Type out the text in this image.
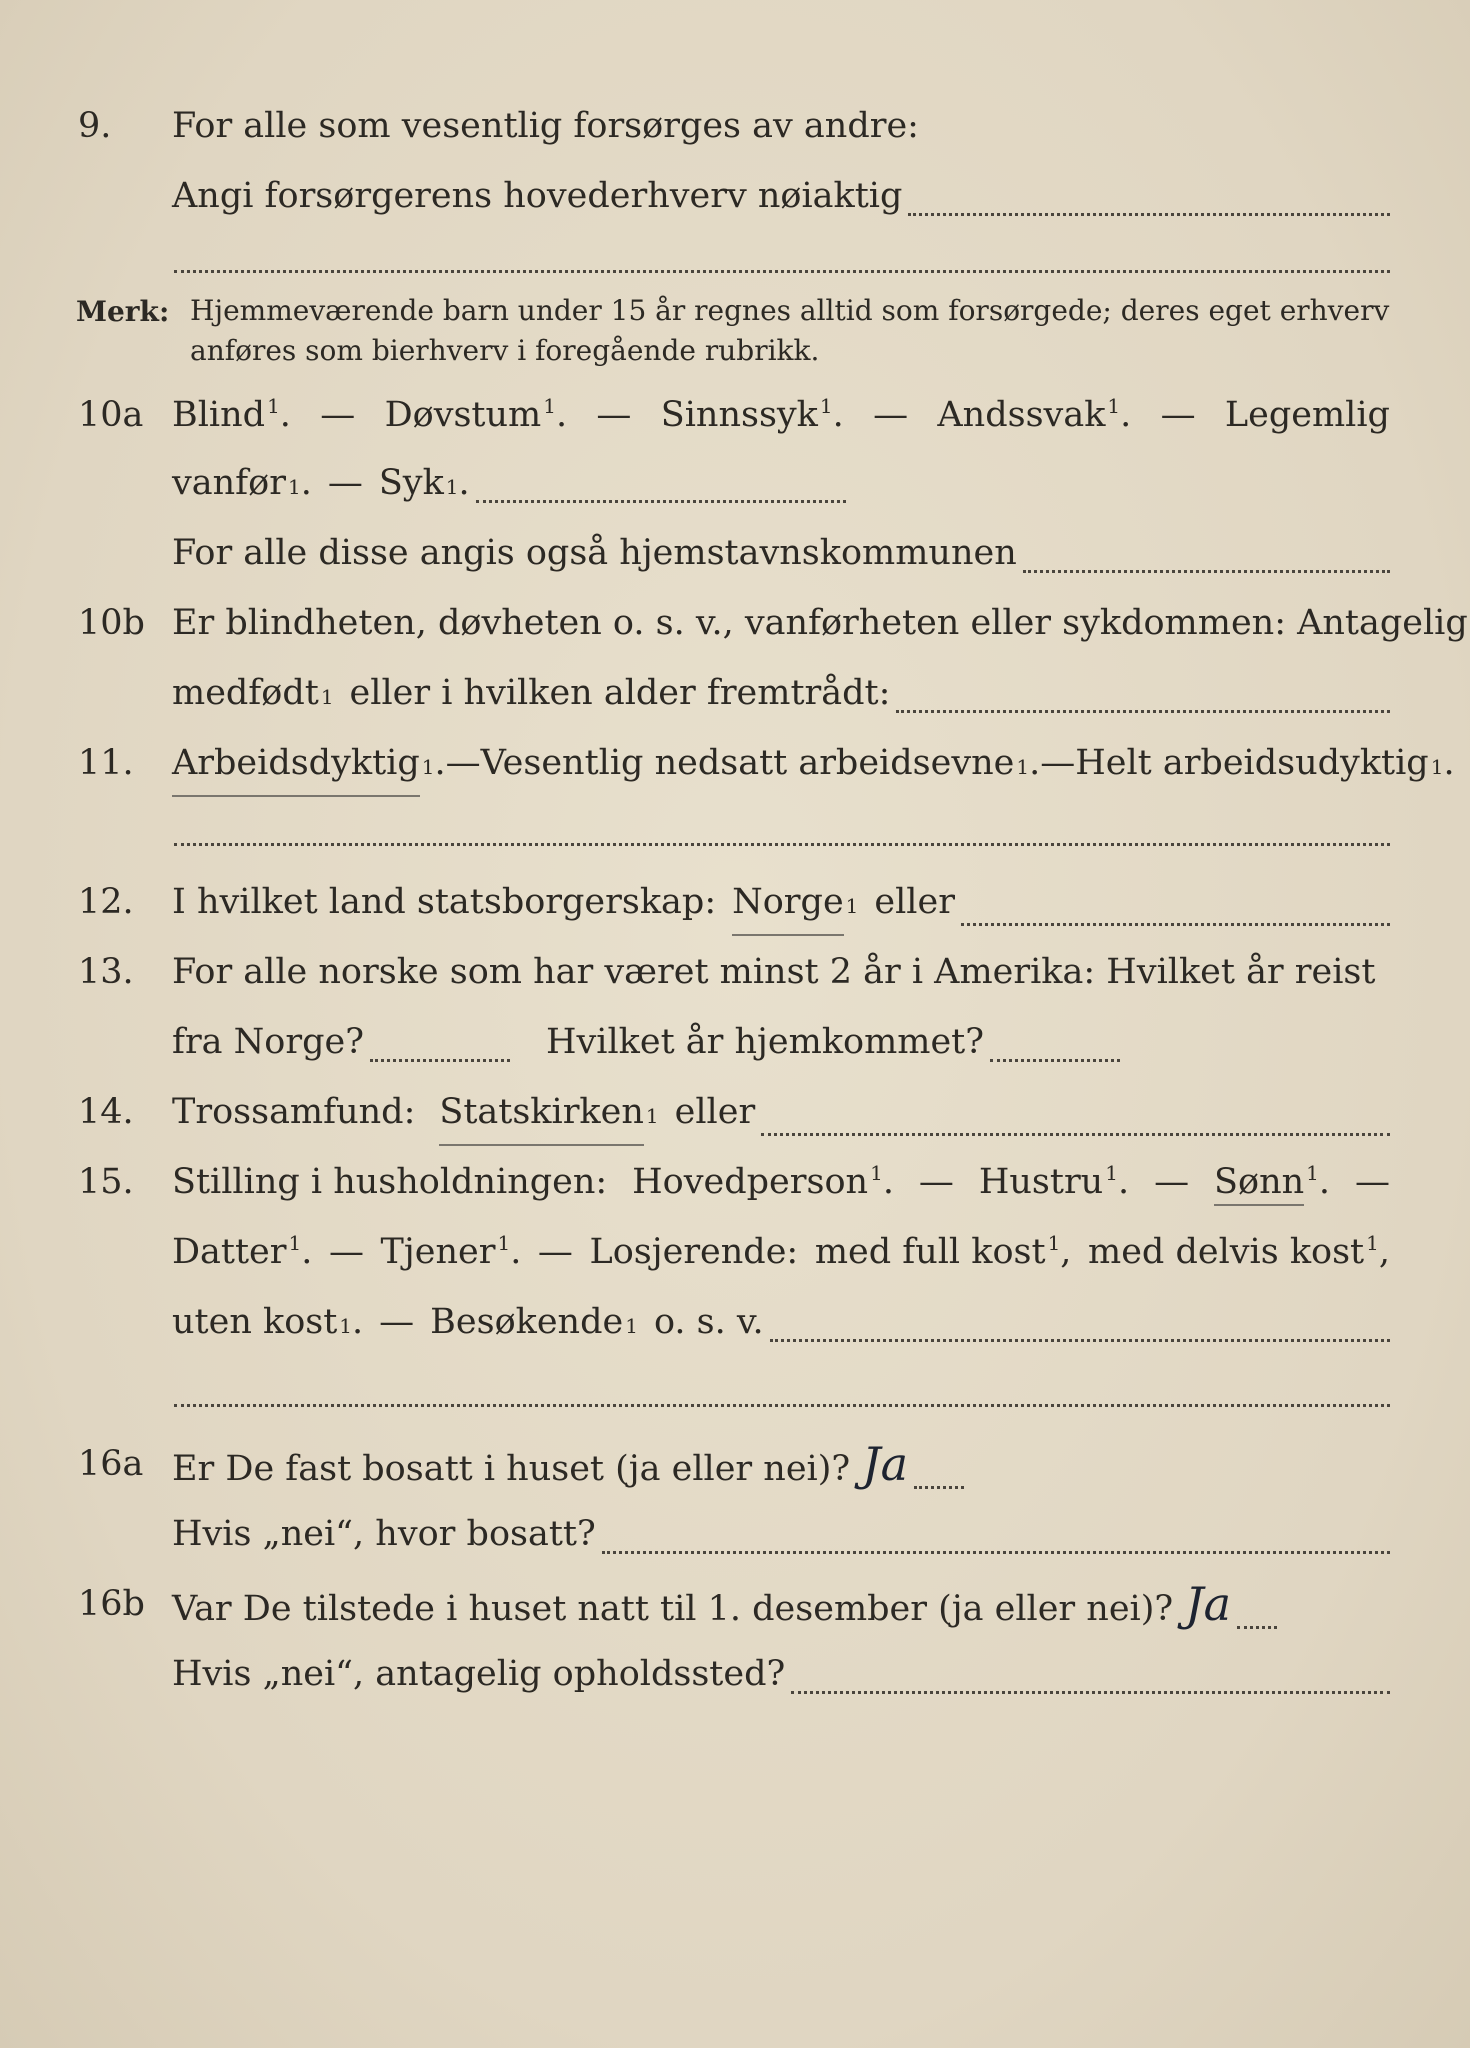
9. For alle som vesentlig forsørges av andre:
Angi forsørgerens hovederhverv nøiaktig
Merk: Hjemmeværende barn under 15 år regnes alltid som forsørgede; deres eget erhverv anføres som bierhverv i foregående rubrikk.
10a Blind $^1$. — Døvstum $^1$. — Sinnssyk $^1$. — Andssvak $^1$. — Legemlig
vanfør 1 . — Syk 1 .
For alle disse angis også hjemstavnskommunen
10b Er blindheten, døvheten o. s. v., vanførheten eller sykdommen: Antagelig
medfødt 1 eller i hvilken alder fremtrådt:
11. Arbeidsdyktig 1 . — Vesentlig nedsatt arbeidsevne 1 . — Helt arbeidsudyktig 1 .
12. I hvilket land statsborgerskap: Norge 1 eller
13. For alle norske som har været minst 2 år i Amerika: Hvilket år reist
fra Norge?	Hvilket år hjemkommet?
14. Trossamfund: Statskirken 1 eller
15. Stilling i husholdningen: Hovedperson $^1$. — Hustru $^1$. — Sønn $^1$. —
Datter $^1$. — Tjener $^1$. — Losjerende: med full kost $^1$, med delvis kost $^1$,
uten kost 1 . — Besøkende 1 o. s. v.
16a Er De fast bosatt i huset (ja eller nei)? Ja
Hvis „nei“, hvor bosatt?
16b Var De tilstede i huset natt til 1. desember (ja eller nei)? Ja
Hvis „nei“, antagelig opholdssted?
